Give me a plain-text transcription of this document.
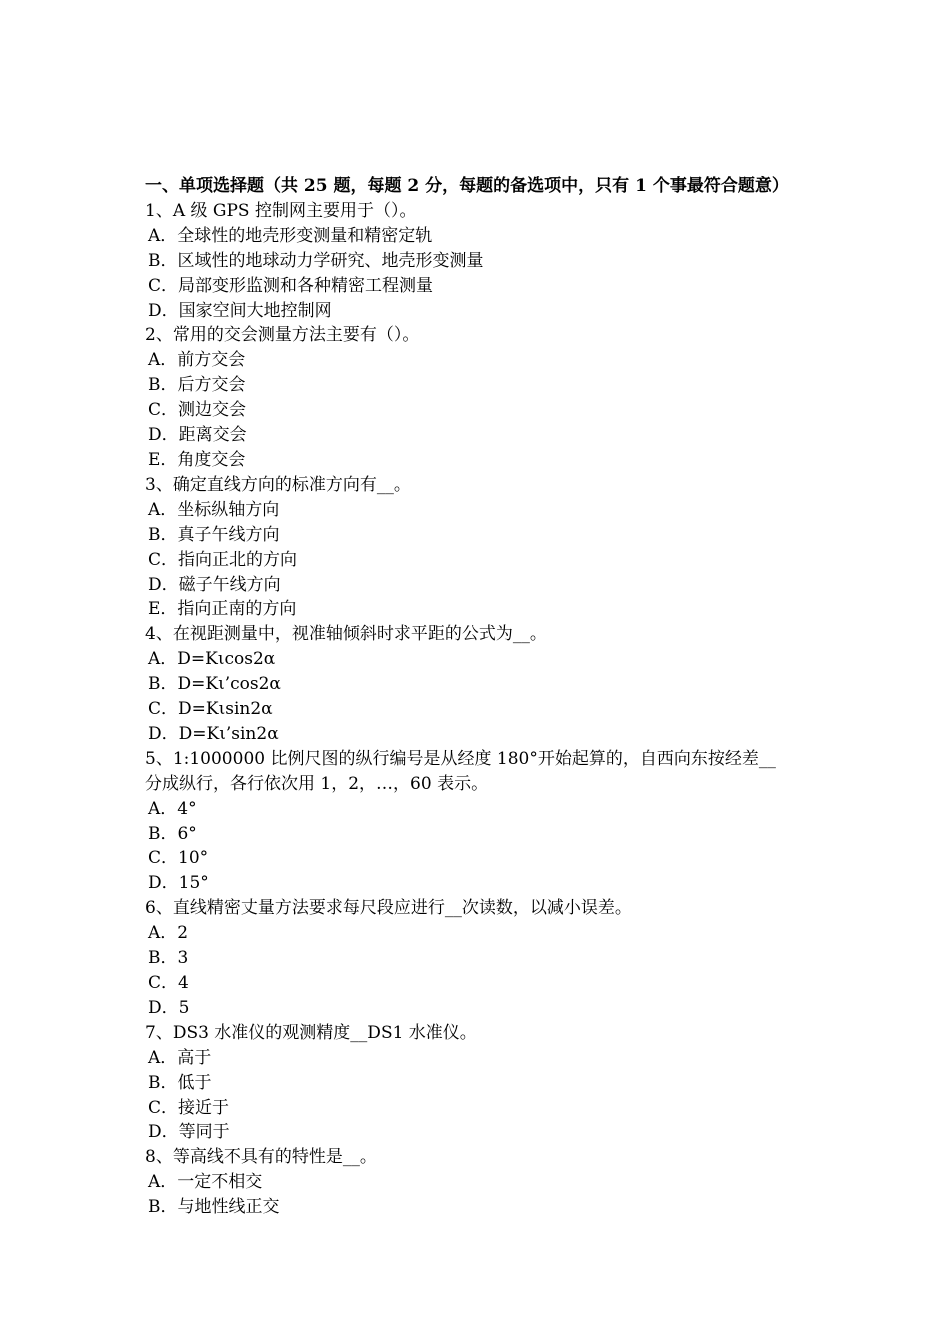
一、单项选择题（共 25 题，每题 2 分，每题的备选项中，只有 1 个事最符合题意）
1、A 级 GPS 控制网主要用于（）。
A．全球性的地壳形变测量和精密定轨
B．区域性的地球动力学研究、地壳形变测量
C．局部变形监测和各种精密工程测量
D．国家空间大地控制网
2、常用的交会测量方法主要有（）。
A．前方交会
B．后方交会
C．测边交会
D．距离交会
E．角度交会
3、确定直线方向的标准方向有__。
A．坐标纵轴方向
B．真子午线方向
C．指向正北的方向
D．磁子午线方向
E．指向正南的方向
4、在视距测量中，视准轴倾斜时求平距的公式为__。
A．D=Kιcos2α
B．D=Kι’cos2α
C．D=Kιsin2α
D．D=Kι’sin2α
5、1:1000000 比例尺图的纵行编号是从经度 180°开始起算的，自西向东按经差__
分成纵行，各行依次用 1，2，…，60 表示。
A．4°
B．6°
C．10°
D．15°
6、直线精密丈量方法要求每尺段应进行__次读数，以减小误差。
A．2
B．3
C．4
D．5
7、DS3 水准仪的观测精度__DS1 水准仪。
A．高于
B．低于
C．接近于
D．等同于
8、等高线不具有的特性是__。
A．一定不相交
B．与地性线正交
